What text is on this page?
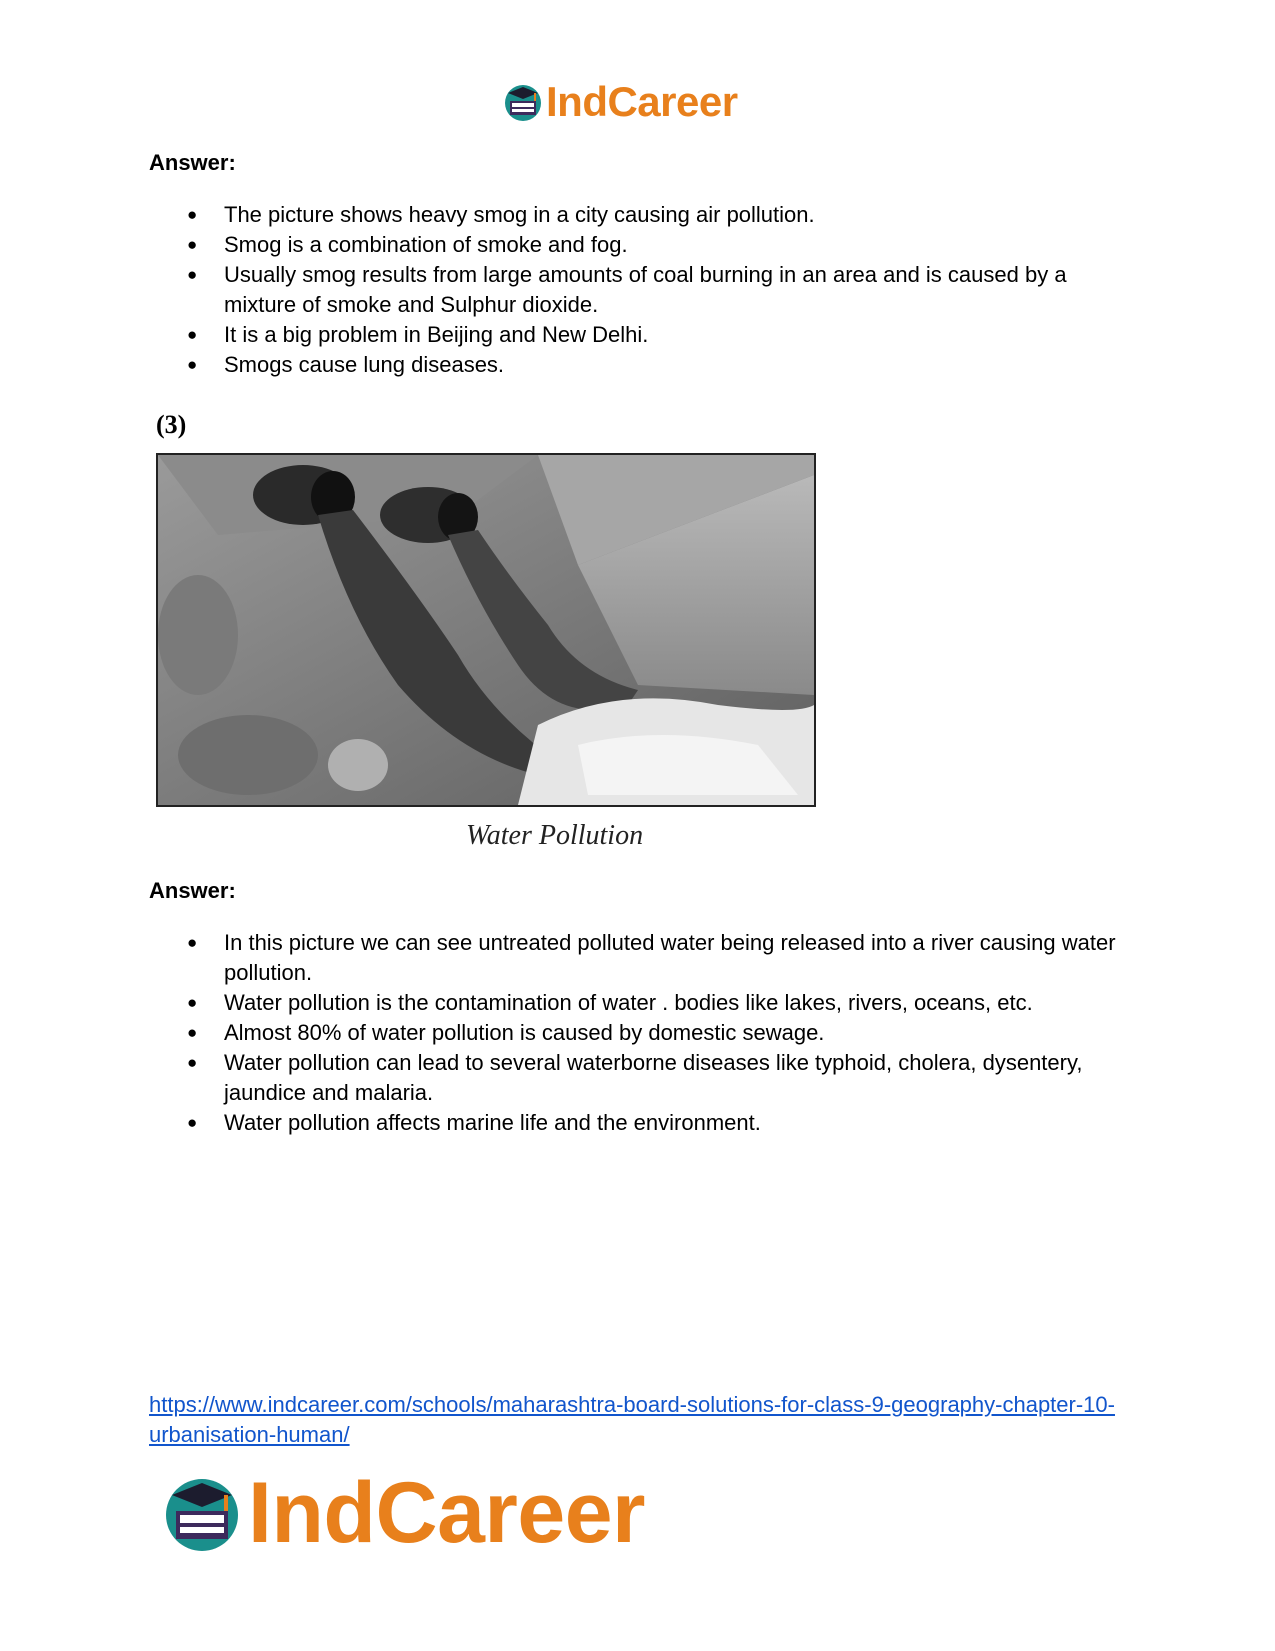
IndCareer
Answer:
● The picture shows heavy smog in a city causing air pollution.
● Smog is a combination of smoke and fog.
● Usually smog results from large amounts of coal burning in an area and is caused by a mixture of smoke and Sulphur dioxide.
● It is a big problem in Beijing and New Delhi.
● Smogs cause lung diseases.
(3)
Water Pollution
Answer:
● In this picture we can see untreated polluted water being released into a river causing water pollution.
● Water pollution is the contamination of water . bodies like lakes, rivers, oceans, etc.
● Almost 80% of water pollution is caused by domestic sewage.
● Water pollution can lead to several waterborne diseases like typhoid, cholera, dysentery, jaundice and malaria.
● Water pollution affects marine life and the environment.
https://www.indcareer.com/schools/maharashtra-board-solutions-for-class-9-geography-chapter-10-urbanisation-human/
IndCareer
